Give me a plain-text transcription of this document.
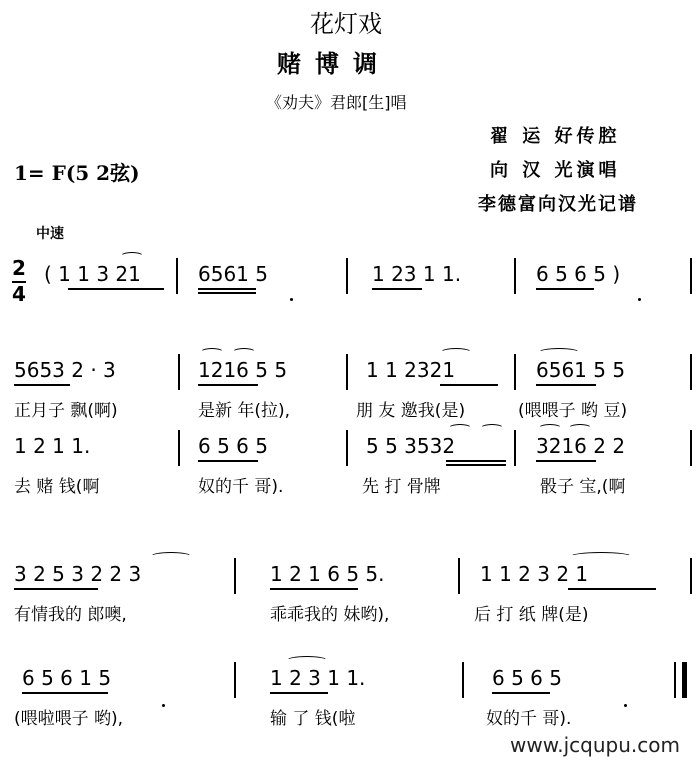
花灯戏
赌博调
《劝夫》君郎[生]唱
翟 运 好传腔
向 汉 光演唱
李德富向汉光记谱
1= F(5 2弦)
中速
2
4
( 1 1 3 21	6561 5	1 23 1 1.	6 5 6 5 )
5653 2 · 3	1216 5 5	1 1 2321	6561 5 5
正月子 飘(啊)	是新 年(拉),	朋 友 邀我(是)	(喂喂子 哟 豆)
1 2 1 1.	6 5 6 5	5 5 3532	3216 2 2
去 赌 钱(啊	奴的千 哥).	先 打 骨牌	骰子 宝,(啊
3 2 5 3 2 2 3	1 2 1 6 5 5.	1 1 2 3 2 1
有情我的 郎噢,	乖乖我的 妹哟),	后 打 纸 牌(是)
6 5 6 1 5	1 2 3 1 1.	6 5 6 5
(喂啦喂子 哟),	输 了 钱(啦	奴的千 哥).
www.jcqupu.com
